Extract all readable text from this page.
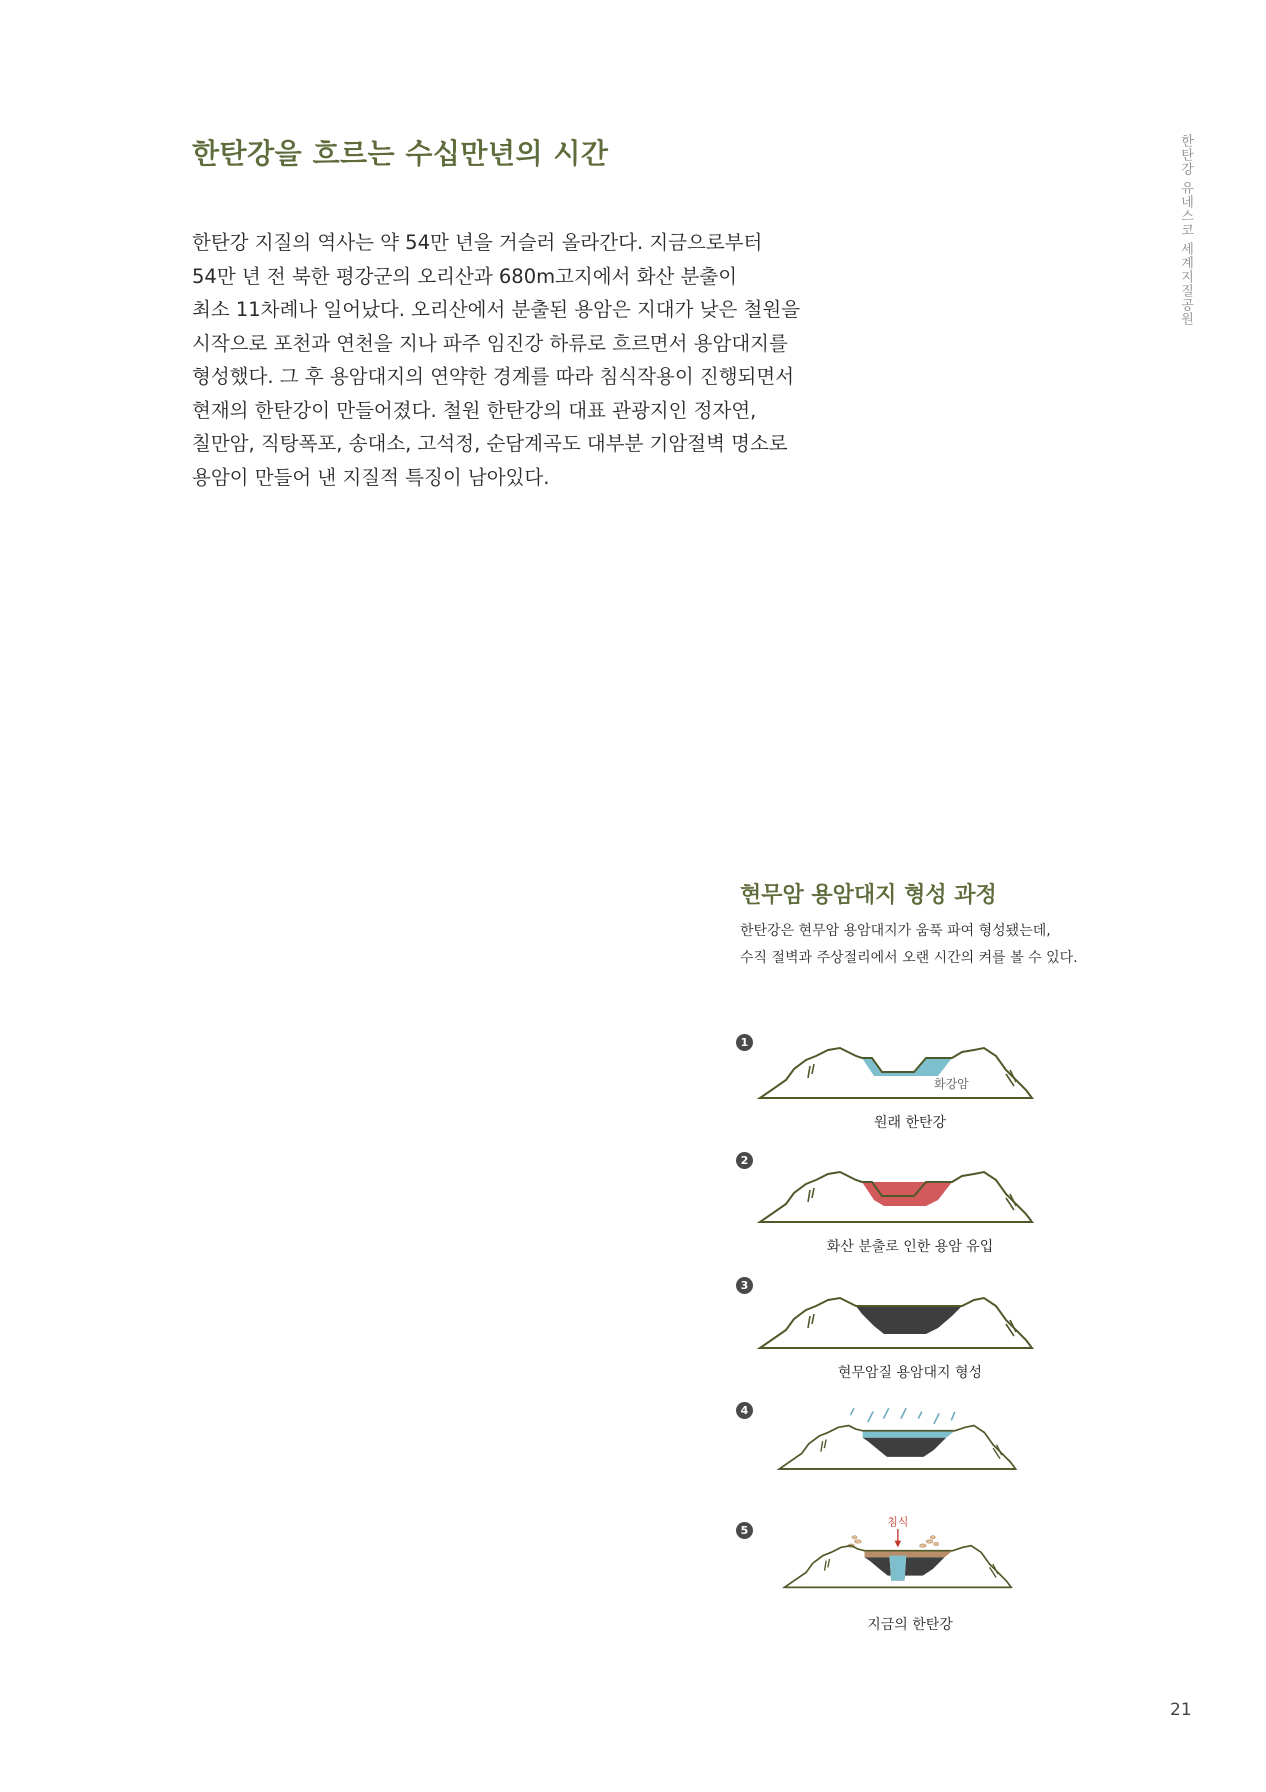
한탄강을 흐르는 수십만년의 시간	한탄강 유네스코 세계지질공원
한탄강 지질의 역사는 약 54만 년을 거슬러 올라간다. 지금으로부터
54만 년 전 북한 평강군의 오리산과 680m고지에서 화산 분출이
최소 11차례나 일어났다. 오리산에서 분출된 용암은 지대가 낮은 철원을
시작으로 포천과 연천을 지나 파주 임진강 하류로 흐르면서 용암대지를
형성했다. 그 후 용암대지의 연약한 경계를 따라 침식작용이 진행되면서
현재의 한탄강이 만들어졌다. 철원 한탄강의 대표 관광지인 정자연,
칠만암, 직탕폭포, 송대소, 고석정, 순담계곡도 대부분 기암절벽 명소로
용암이 만들어 낸 지질적 특징이 남아있다.
현무암 용암대지 형성 과정
한탄강은 현무암 용암대지가 움푹 파여 형성됐는데,
수직 절벽과 주상절리에서 오랜 시간의 켜를 볼 수 있다.
1
화강암
원래 한탄강
2
화산 분출로 인한 용암 유입
3
현무암질 용암대지 형성
4
5
침식
지금의 한탄강
21
